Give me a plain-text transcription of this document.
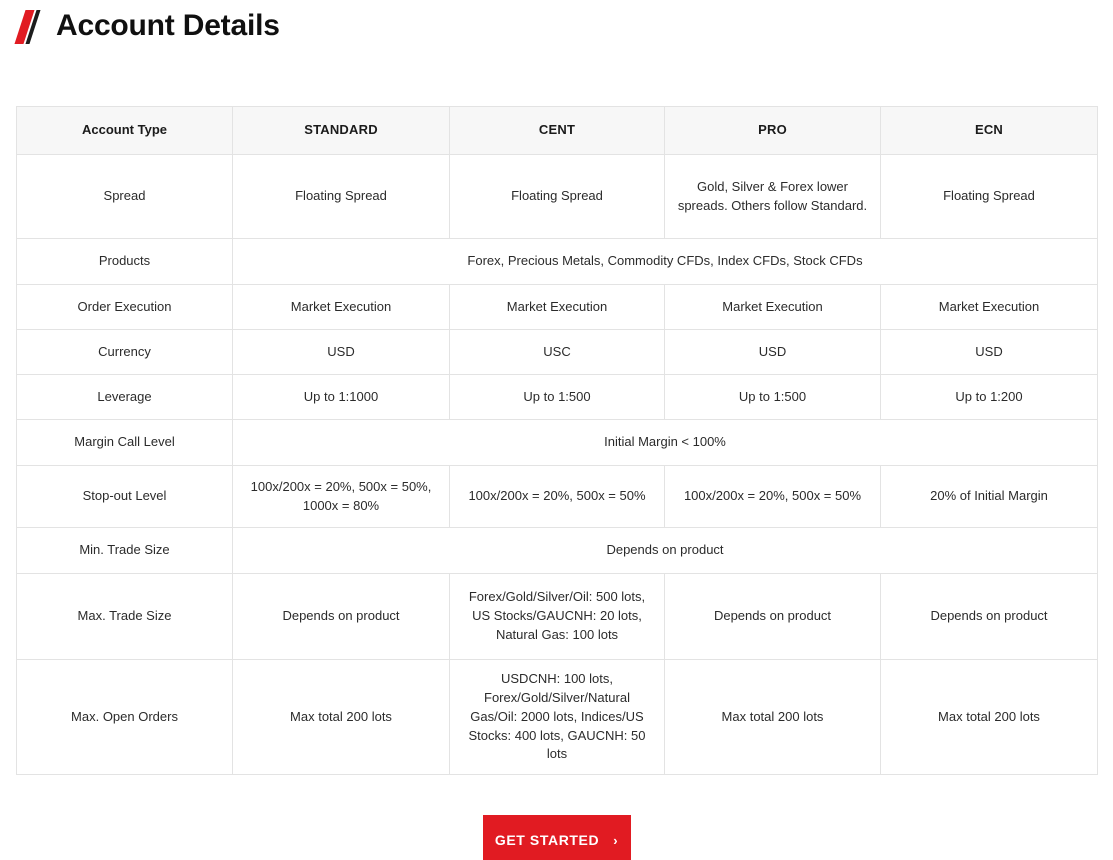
Account Details
Account Type	STANDARD	CENT	PRO	ECN
Spread	Floating Spread	Floating Spread	Gold, Silver & Forex lower spreads. Others follow Standard.	Floating Spread
Products	Forex, Precious Metals, Commodity CFDs, Index CFDs, Stock CFDs			
Order Execution	Market Execution	Market Execution	Market Execution	Market Execution
Currency	USD	USC	USD	USD
Leverage	Up to 1:1000	Up to 1:500	Up to 1:500	Up to 1:200
Margin Call Level	Initial Margin < 100%			
Stop-out Level	100x/200x = 20%, 500x = 50%, 1000x = 80%	100x/200x = 20%, 500x = 50%	100x/200x = 20%, 500x = 50%	20% of Initial Margin
Min. Trade Size	Depends on product			
Max. Trade Size	Depends on product	Forex/Gold/Silver/Oil: 500 lots, US Stocks/GAUCNH: 20 lots, Natural Gas: 100 lots	Depends on product	Depends on product
Max. Open Orders	Max total 200 lots	USDCNH: 100 lots, Forex/Gold/Silver/Natural Gas/Oil: 2000 lots, Indices/US Stocks: 400 lots, GAUCNH: 50 lots	Max total 200 lots	Max total 200 lots
GET STARTED ›
